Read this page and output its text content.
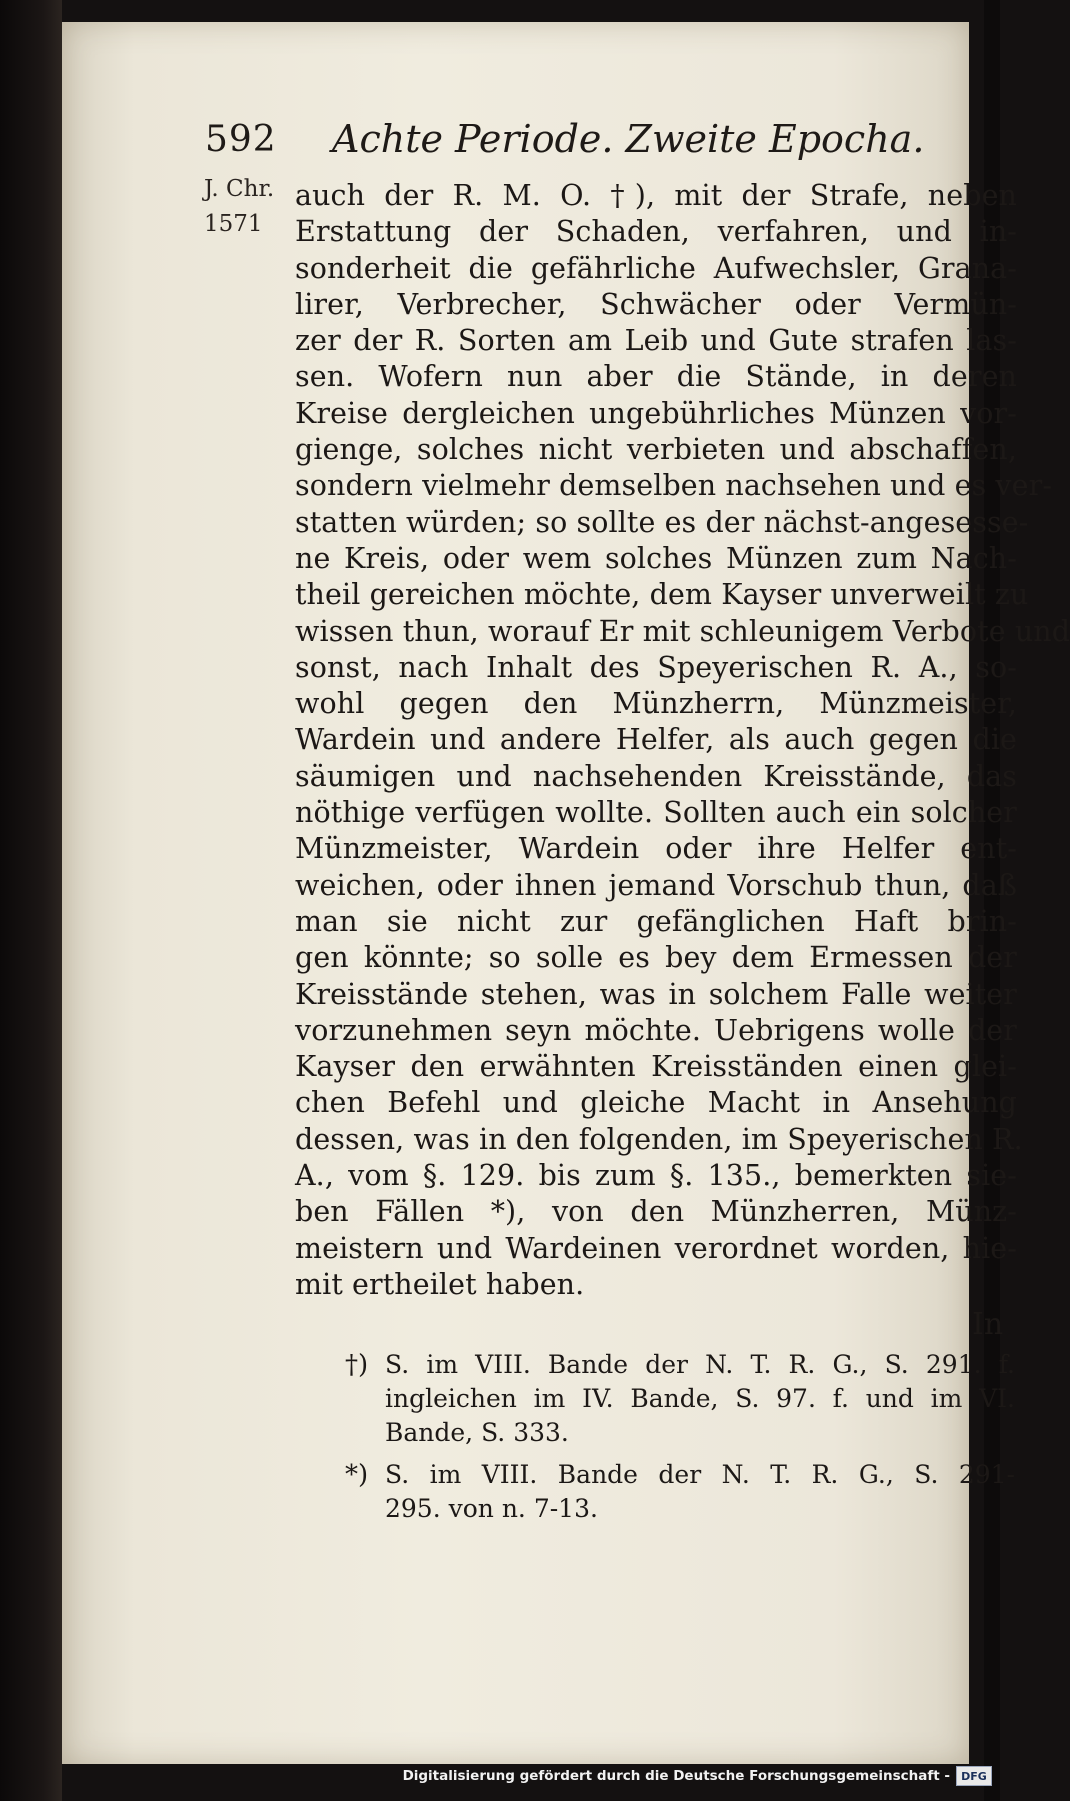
592 Achte Periode. Zweite Epocha.
J. Chr.
1571
auch der R. M. O. †), mit der Strafe, neben
Erstattung der Schaden, verfahren, und in-
sonderheit die gefährliche Aufwechsler, Grana-
lirer, Verbrecher, Schwächer oder Vermün-
zer der R. Sorten am Leib und Gute strafen las-
sen. Wofern nun aber die Stände, in deren
Kreise dergleichen ungebührliches Münzen vor-
gienge, solches nicht verbieten und abschaffen,
sondern vielmehr demselben nachsehen und es ver-
statten würden; so sollte es der nächst-angesesse-
ne Kreis, oder wem solches Münzen zum Nach-
theil gereichen möchte, dem Kayser unverweilt zu
wissen thun, worauf Er mit schleunigem Verbote und
sonst, nach Inhalt des Speyerischen R. A., so-
wohl gegen den Münzherrn, Münzmeister,
Wardein und andere Helfer, als auch gegen die
säumigen und nachsehenden Kreisstände, das
nöthige verfügen wollte. Sollten auch ein solcher
Münzmeister, Wardein oder ihre Helfer ent-
weichen, oder ihnen jemand Vorschub thun, daß
man sie nicht zur gefänglichen Haft brin-
gen könnte; so solle es bey dem Ermessen der
Kreisstände stehen, was in solchem Falle weiter
vorzunehmen seyn möchte. Uebrigens wolle der
Kayser den erwähnten Kreisständen einen glei-
chen Befehl und gleiche Macht in Ansehung
dessen, was in den folgenden, im Speyerischen R.
A., vom §. 129. bis zum §. 135., bemerkten sie-
ben Fällen *), von den Münzherren, Münz-
meistern und Wardeinen verordnet worden, hie-
mit ertheilet haben.
In
†) S. im VIII. Bande der N. T. R. G., S. 291. f.
ingleichen im IV. Bande, S. 97. f. und im VI.
Bande, S. 333.
*) S. im VIII. Bande der N. T. R. G., S. 291-
295. von n. 7-13.
Digitalisierung gefördert durch die Deutsche Forschungsgemeinschaft -	DFG
